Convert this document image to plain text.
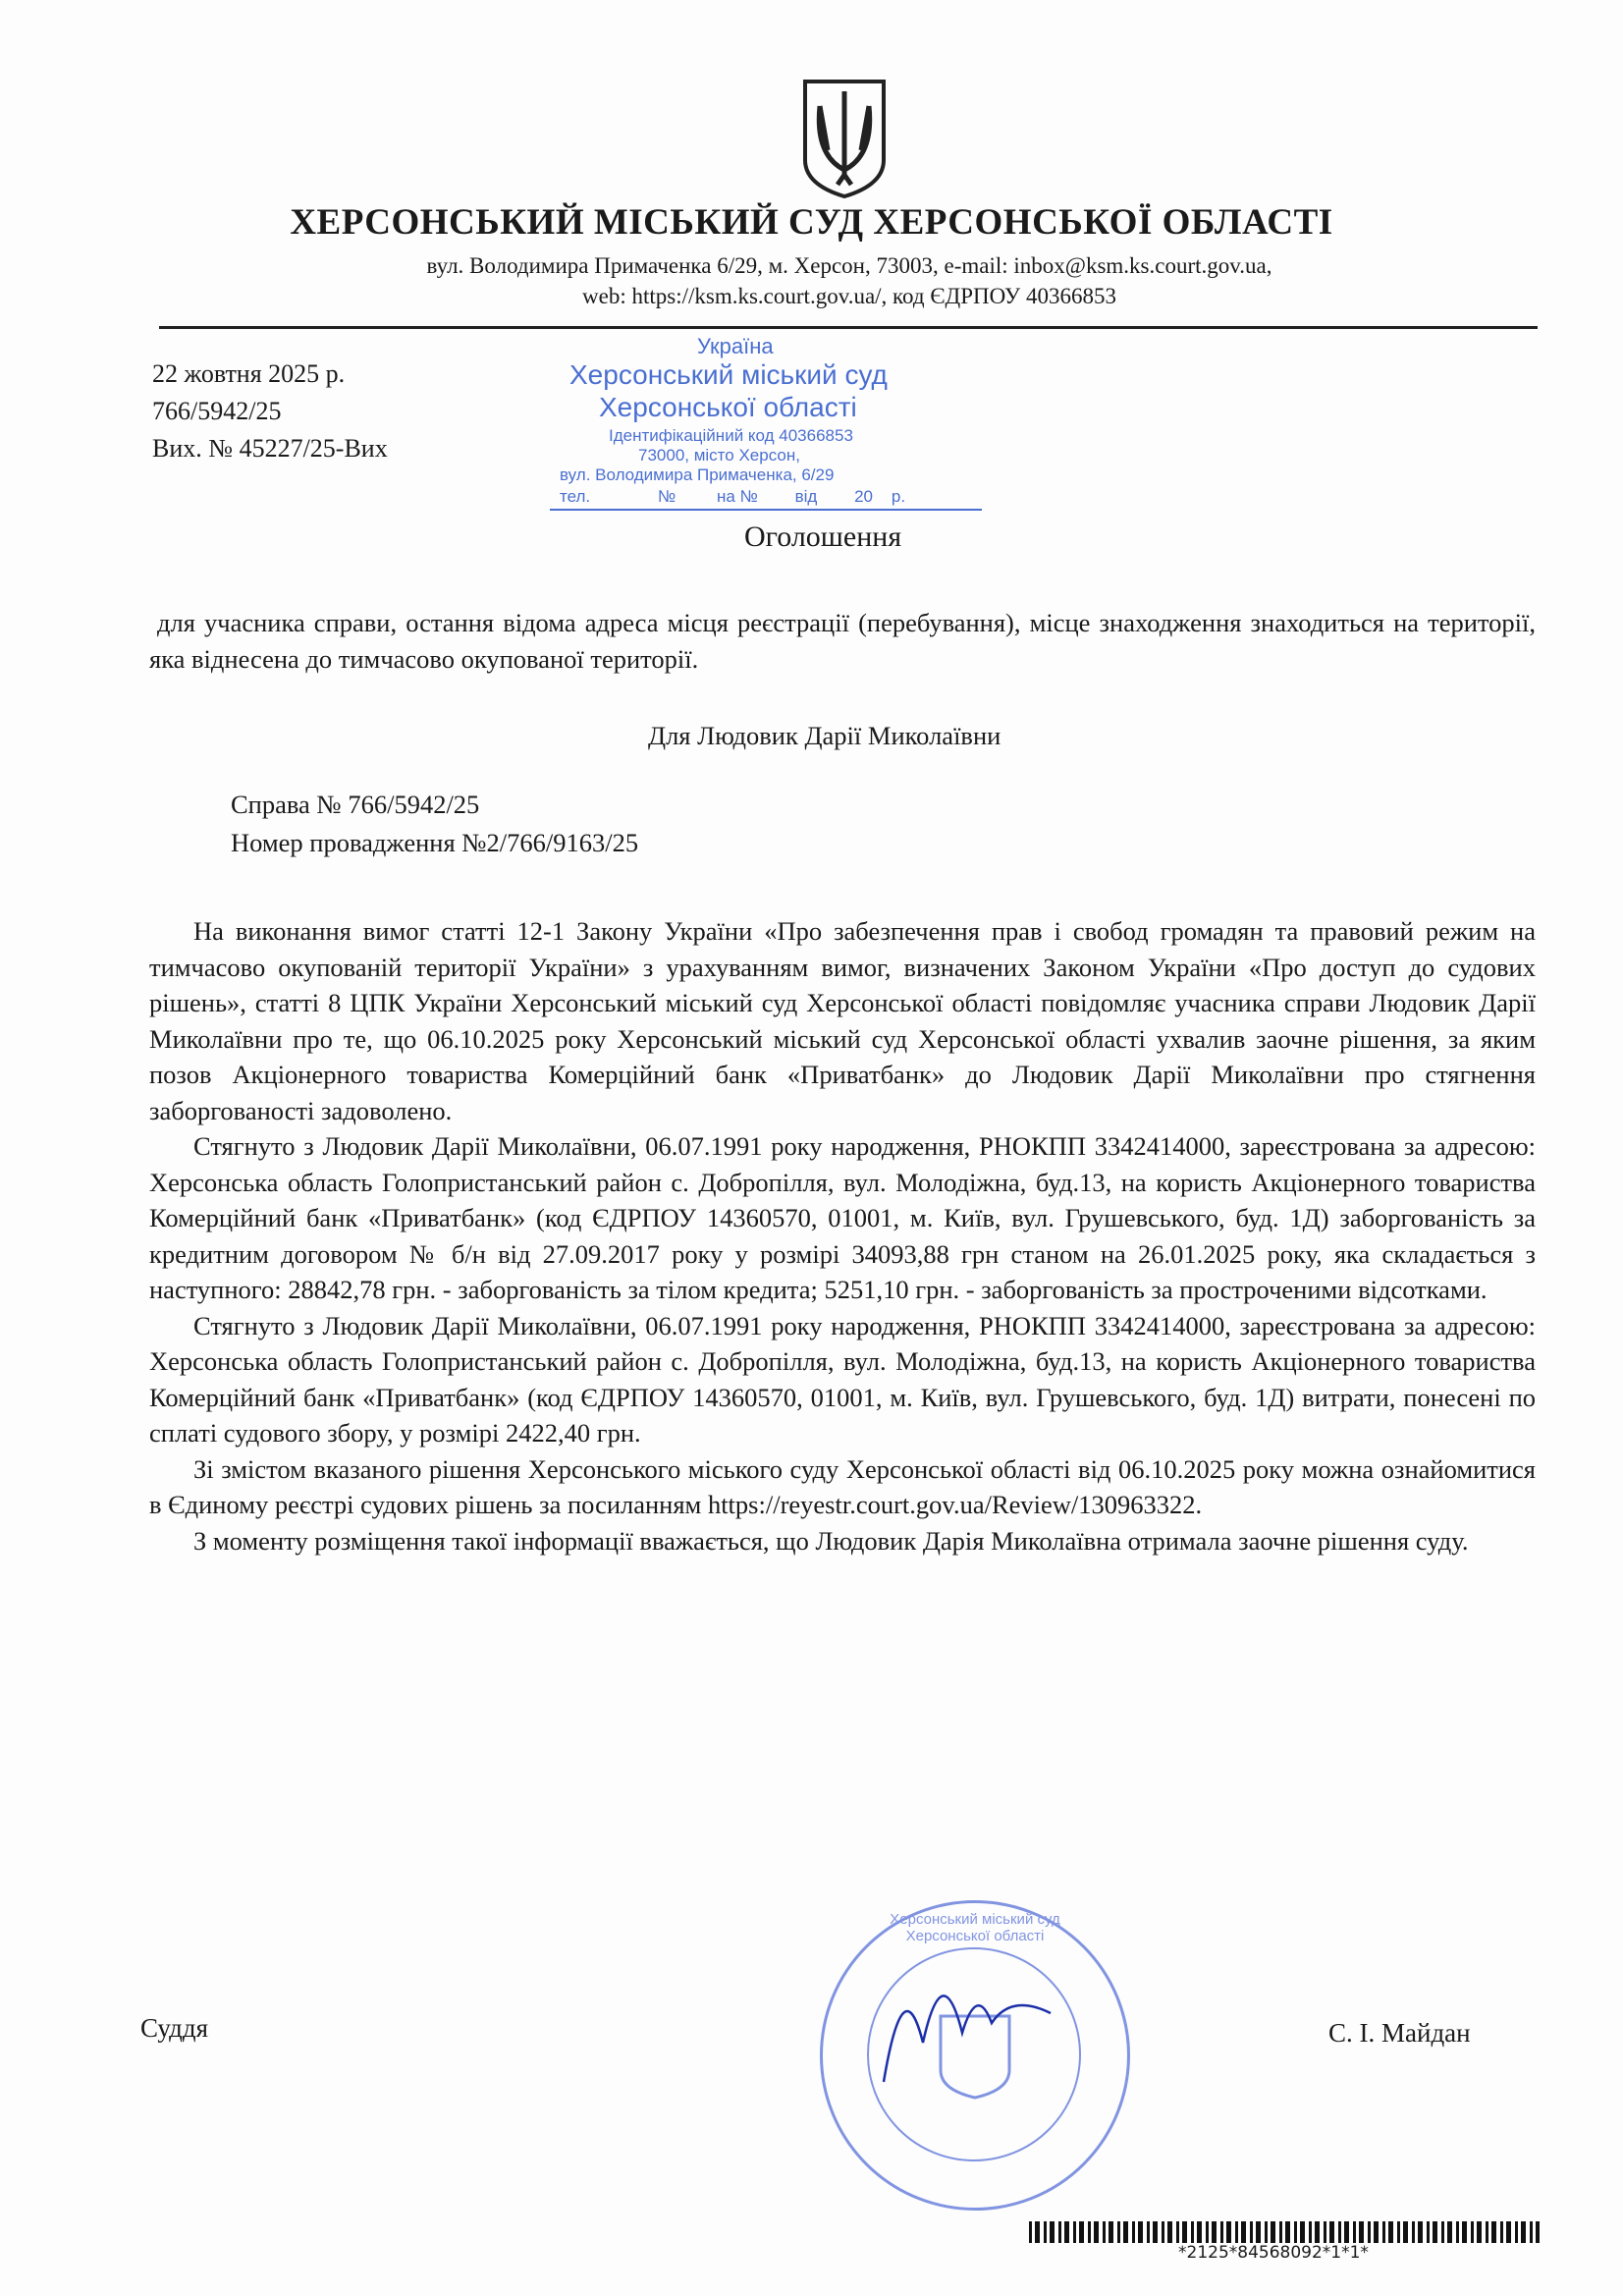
ХЕРСОНСЬКИЙ МІСЬКИЙ СУД ХЕРСОНСЬКОЇ ОБЛАСТІ
вул. Володимира Примаченка 6/29, м. Херсон, 73003, e-mail: inbox@ksm.ks.court.gov.ua,
web: https://ksm.ks.court.gov.ua/, код ЄДРПОУ 40366853
Україна
Херсонський міський суд
Херсонської області
Ідентифікаційний код 40366853
73000, місто Херсон,
вул. Володимира Примаченка, 6/29
тел.	№ на №        від        20    р.
22 жовтня 2025 р.
766/5942/25
Вих. № 45227/25-Вих
Оголошення
для учасника справи, остання відома адреса місця реєстрації (перебування), місце знаходження знаходиться на території, яка віднесена до тимчасово окупованої території.
Для Людовик Дарії Миколаївни
Справа № 766/5942/25
Номер провадження №2/766/9163/25

На виконання вимог статті 12-1 Закону України «Про забезпечення прав і свобод громадян та правовий режим на тимчасово окупованій території України» з урахуванням вимог, визначених Законом України «Про доступ до судових рішень», статті 8 ЦПК України Херсонський міський суд Херсонської області повідомляє учасника справи Людовик Дарії Миколаївни про те, що 06.10.2025 року Херсонський міський суд Херсонської області ухвалив заочне рішення, за яким позов Акціонерного товариства Комерційний банк «Приватбанк» до Людовик Дарії Миколаївни про стягнення заборгованості задоволено.

Стягнуто з Людовик Дарії Миколаївни, 06.07.1991 року народження, РНОКПП 3342414000, зареєстрована за адресою: Херсонська область Голопристанський район с. Добропілля, вул. Молодіжна, буд.13, на користь Акціонерного товариства Комерційний банк «Приватбанк» (код ЄДРПОУ 14360570, 01001, м. Київ, вул. Грушевського, буд. 1Д) заборгованість за кредитним договором № б/н від 27.09.2017 року у розмірі 34093,88 грн станом на 26.01.2025 року, яка складається з наступного: 28842,78 грн. - заборгованість за тілом кредита; 5251,10 грн. - заборгованість за простроченими відсотками.

Стягнуто з Людовик Дарії Миколаївни, 06.07.1991 року народження, РНОКПП 3342414000, зареєстрована за адресою: Херсонська область Голопристанський район с. Добропілля, вул. Молодіжна, буд.13, на користь Акціонерного товариства Комерційний банк «Приватбанк» (код ЄДРПОУ 14360570, 01001, м. Київ, вул. Грушевського, буд. 1Д) витрати, понесені по сплаті судового збору, у розмірі 2422,40 грн.

Зі змістом вказаного рішення Херсонського міського суду Херсонської області від 06.10.2025 року можна ознайомитися в Єдиному реєстрі судових рішень за посиланням https://reyestr.court.gov.ua/Review/130963322.

З моменту розміщення такої інформації вважається, що Людовик Дарія Миколаївна отримала заочне рішення суду.

Херсонський міський суд Херсонської області
Суддя	С. І. Майдан
*2125*84568092*1*1*
